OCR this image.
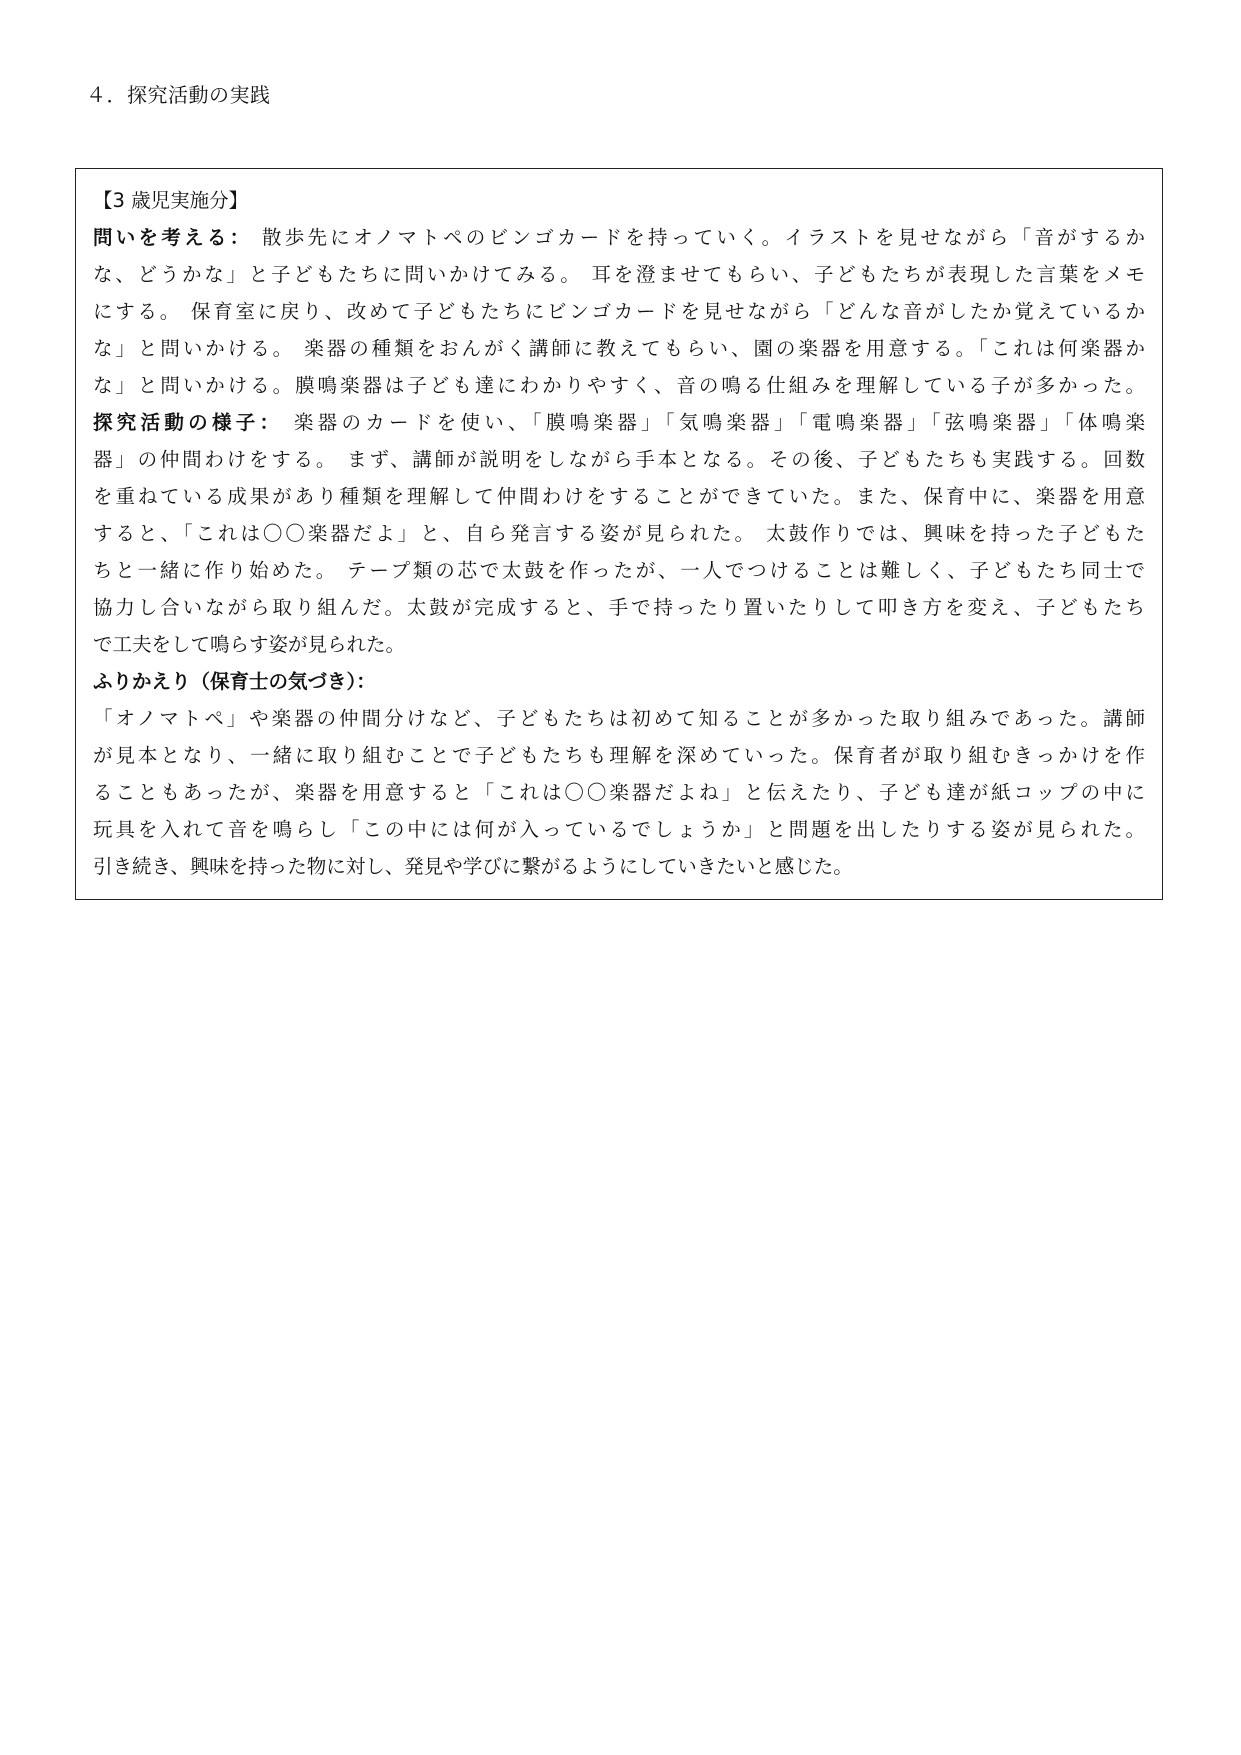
４．探究活動の実践
【3 歳児実施分】
問いを考える： 散歩先にオノマトペのビンゴカードを持っていく。イラストを見せながら「音がするか
な、どうかな」と子どもたちに問いかけてみる。 耳を澄ませてもらい、子どもたちが表現した言葉をメモ
にする。 保育室に戻り、改めて子どもたちにビンゴカードを見せながら「どんな音がしたか覚えているか
な」と問いかける。 楽器の種類をおんがく講師に教えてもらい、園の楽器を用意する。「これは何楽器か
な」と問いかける。膜鳴楽器は子ども達にわかりやすく、音の鳴る仕組みを理解している子が多かった。
探究活動の様子： 楽器のカードを使い、「膜鳴楽器」「気鳴楽器」「電鳴楽器」「弦鳴楽器」「体鳴楽
器」の仲間わけをする。 まず、講師が説明をしながら手本となる。その後、子どもたちも実践する。回数
を重ねている成果があり種類を理解して仲間わけをすることができていた。また、保育中に、楽器を用意
すると、「これは〇〇楽器だよ」と、自ら発言する姿が見られた。 太鼓作りでは、興味を持った子どもた
ちと一緒に作り始めた。 テープ類の芯で太鼓を作ったが、一人でつけることは難しく、子どもたち同士で
協力し合いながら取り組んだ。太鼓が完成すると、手で持ったり置いたりして叩き方を変え、子どもたち
で工夫をして鳴らす姿が見られた。
ふりかえり（保育士の気づき）：
「オノマトペ」や楽器の仲間分けなど、子どもたちは初めて知ることが多かった取り組みであった。講師
が見本となり、一緒に取り組むことで子どもたちも理解を深めていった。保育者が取り組むきっかけを作
ることもあったが、楽器を用意すると「これは〇〇楽器だよね」と伝えたり、子ども達が紙コップの中に
玩具を入れて音を鳴らし「この中には何が入っているでしょうか」と問題を出したりする姿が見られた。
引き続き、興味を持った物に対し、発見や学びに繋がるようにしていきたいと感じた。
